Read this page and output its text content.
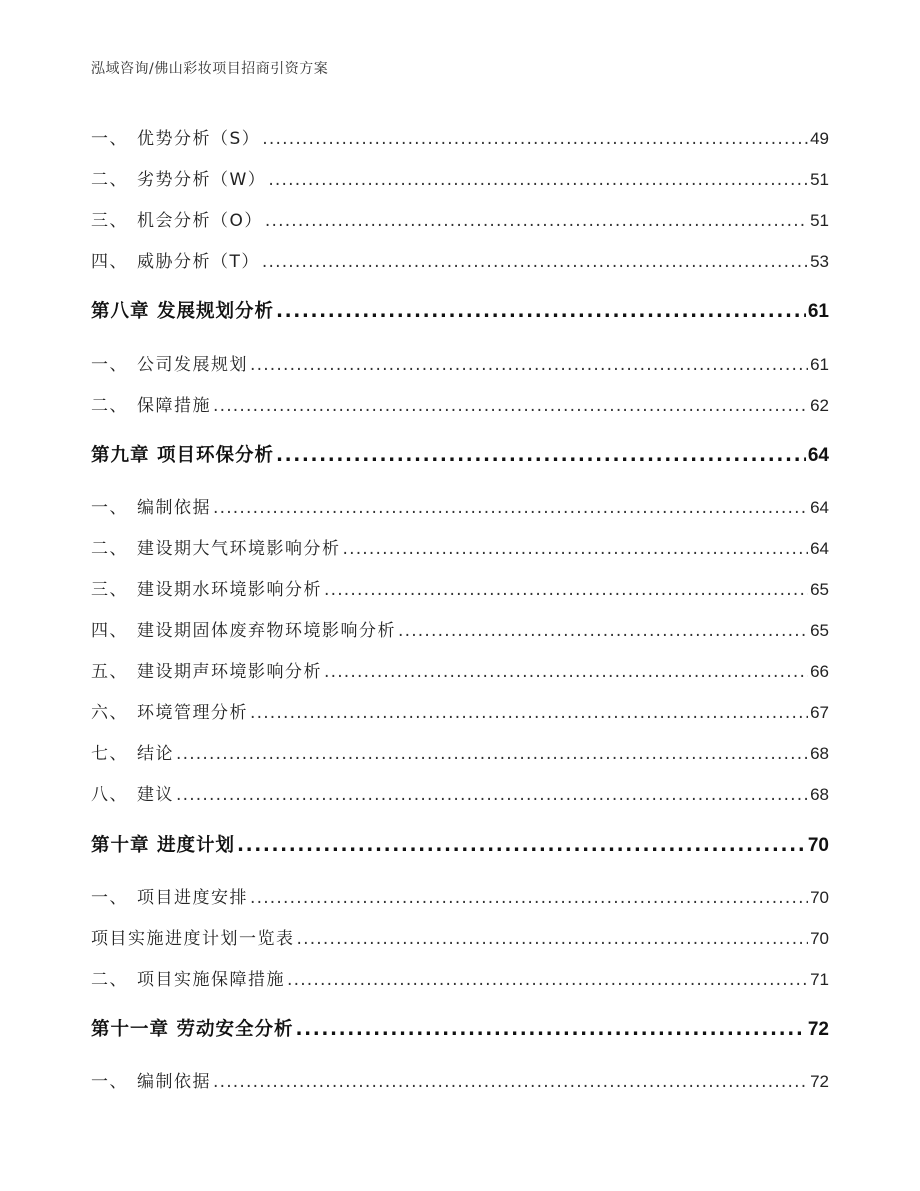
泓域咨询/佛山彩妆项目招商引资方案
一、 优势分析（S） .....	49
二、 劣势分析（W） .....	51
三、 机会分析（O） .....	51
四、 威胁分析（T） .....	53
第八章 发展规划分析 .....	61
一、 公司发展规划 .....	61
二、 保障措施 .....	62
第九章 项目环保分析 .....	64
一、 编制依据 .....	64
二、 建设期大气环境影响分析 .....	64
三、 建设期水环境影响分析 .....	65
四、 建设期固体废弃物环境影响分析 .....	65
五、 建设期声环境影响分析 .....	66
六、 环境管理分析 .....	67
七、 结论 .....	68
八、 建议 .....	68
第十章 进度计划 .....	70
一、 项目进度安排 .....	70
项目实施进度计划一览表 .....	70
二、 项目实施保障措施 .....	71
第十一章 劳动安全分析 .....	72
一、 编制依据 .....	72
